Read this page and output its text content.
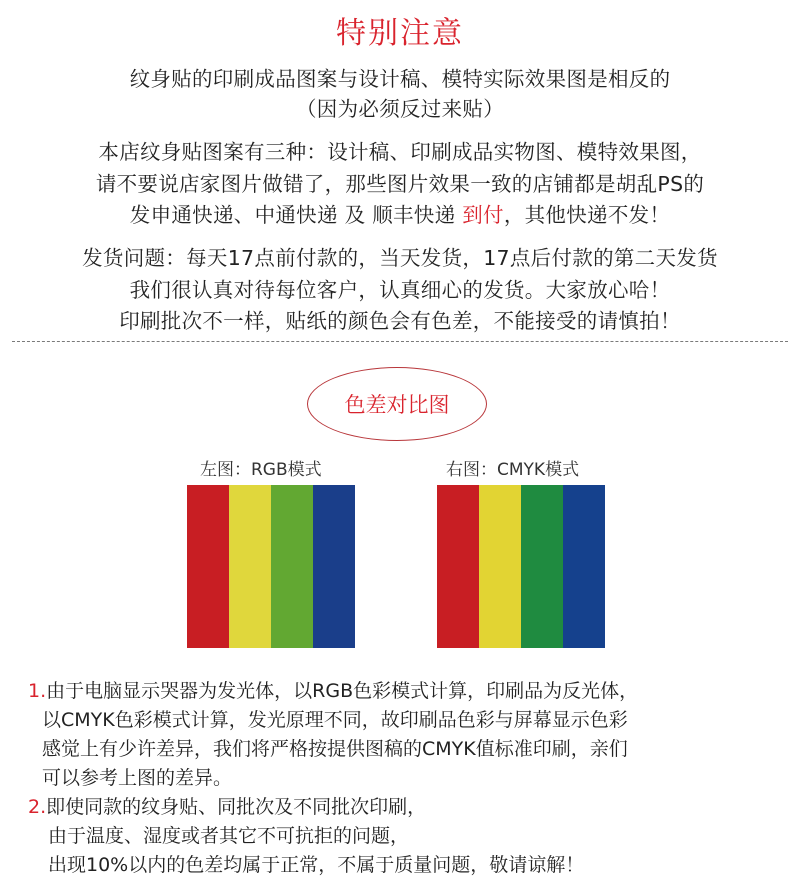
特别注意
纹身贴的印刷成品图案与设计稿、模特实际效果图是相反的
（因为必须反过来贴）
本店纹身贴图案有三种：设计稿、印刷成品实物图、模特效果图，
请不要说店家图片做错了，那些图片效果一致的店铺都是胡乱PS的
发申通快递、中通快递 及 顺丰快递 到付，其他快递不发！
发货问题：每天17点前付款的，当天发货，17点后付款的第二天发货
我们很认真对待每位客户，认真细心的发货。大家放心哈！
印刷批次不一样，贴纸的颜色会有色差，不能接受的请慎拍！
色差对比图
左图：RGB模式	右图：CMYK模式
1.由于电脑显示哭器为发光体，以RGB色彩模式计算，印刷品为反光体，
以CMYK色彩模式计算，发光原理不同，故印刷品色彩与屏幕显示色彩
感觉上有少许差异，我们将严格按提供图稿的CMYK值标准印刷，亲们
可以参考上图的差异。
2.即使同款的纹身贴、同批次及不同批次印刷，
由于温度、湿度或者其它不可抗拒的问题，
出现10%以内的色差均属于正常，不属于质量问题，敬请谅解！
